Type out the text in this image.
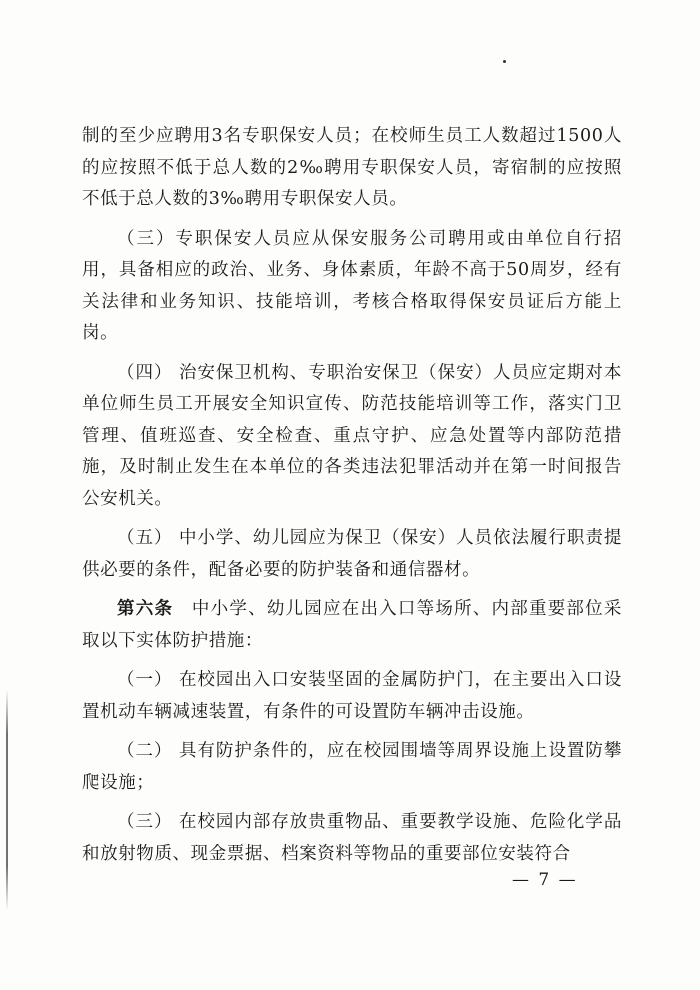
制的至少应聘用3名专职保安人员；在校师生员工人数超过1500人的应按照不低于总人数的2‰聘用专职保安人员，寄宿制的应按照不低于总人数的3‰聘用专职保安人员。

（三）专职保安人员应从保安服务公司聘用或由单位自行招用，具备相应的政治、业务、身体素质，年龄不高于50周岁，经有关法律和业务知识、技能培训，考核合格取得保安员证后方能上岗。

（四） 治安保卫机构、专职治安保卫（保安）人员应定期对本单位师生员工开展安全知识宣传、防范技能培训等工作，落实门卫管理、值班巡查、安全检查、重点守护、应急处置等内部防范措施，及时制止发生在本单位的各类违法犯罪活动并在第一时间报告公安机关。

（五） 中小学、幼儿园应为保卫（保安）人员依法履行职责提供必要的条件，配备必要的防护装备和通信器材。

第六条　中小学、幼儿园应在出入口等场所、内部重要部位采取以下实体防护措施：

（一） 在校园出入口安装坚固的金属防护门，在主要出入口设置机动车辆减速装置，有条件的可设置防车辆冲击设施。

（二） 具有防护条件的，应在校园围墙等周界设施上设置防攀爬设施；

（三） 在校园内部存放贵重物品、重要教学设施、危险化学品和放射物质、现金票据、档案资料等物品的重要部位安装符合

— 7 —
